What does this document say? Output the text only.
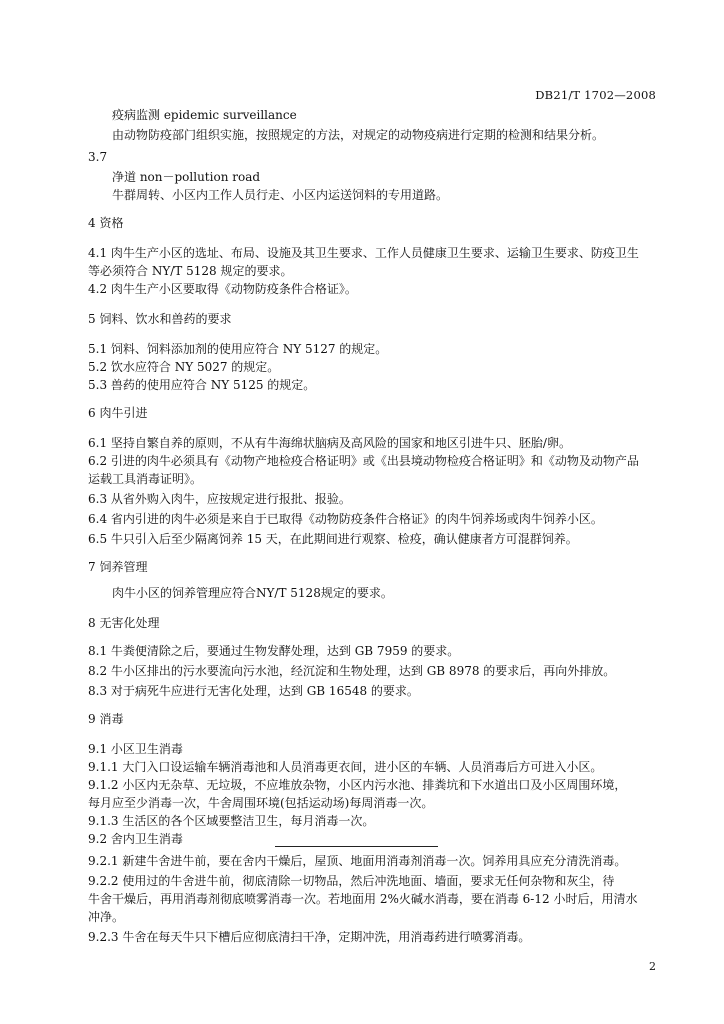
DB21/T 1702—2008
疫病监测 epidemic surveillance
由动物防疫部门组织实施，按照规定的方法，对规定的动物疫病进行定期的检测和结果分析。
3.7
净道 non－pollution road
牛群周转、小区内工作人员行走、小区内运送饲料的专用道路。
4 资格
4.1 肉牛生产小区的选址、布局、设施及其卫生要求、工作人员健康卫生要求、运输卫生要求、防疫卫生
等必须符合 NY/T 5128 规定的要求。
4.2 肉牛生产小区要取得《动物防疫条件合格证》。
5 饲料、饮水和兽药的要求
5.1 饲料、饲料添加剂的使用应符合 NY 5127 的规定。
5.2 饮水应符合 NY 5027 的规定。
5.3 兽药的使用应符合 NY 5125 的规定。
6 肉牛引进
6.1 坚持自繁自养的原则，不从有牛海绵状脑病及高风险的国家和地区引进牛只、胚胎/卵。
6.2 引进的肉牛必须具有《动物产地检疫合格证明》或《出县境动物检疫合格证明》和《动物及动物产品
运载工具消毒证明》。
6.3 从省外购入肉牛，应按规定进行报批、报验。
6.4 省内引进的肉牛必须是来自于已取得《动物防疫条件合格证》的肉牛饲养场或肉牛饲养小区。
6.5 牛只引入后至少隔离饲养 15 天，在此期间进行观察、检疫，确认健康者方可混群饲养。
7 饲养管理
肉牛小区的饲养管理应符合NY/T 5128规定的要求。
8 无害化处理
8.1 牛粪便清除之后，要通过生物发酵处理，达到 GB 7959 的要求。
8.2 牛小区排出的污水要流向污水池，经沉淀和生物处理，达到 GB 8978 的要求后，再向外排放。
8.3 对于病死牛应进行无害化处理，达到 GB 16548 的要求。
9 消毒
9.1 小区卫生消毒
9.1.1 大门入口设运输车辆消毒池和人员消毒更衣间，进小区的车辆、人员消毒后方可进入小区。
9.1.2 小区内无杂草、无垃圾，不应堆放杂物，小区内污水池、排粪坑和下水道出口及小区周围环境，
每月应至少消毒一次，牛舍周围环境(包括运动场)每周消毒一次。
9.1.3 生活区的各个区域要整洁卫生，每月消毒一次。
9.2 舍内卫生消毒
9.2.1 新建牛舍进牛前，要在舍内干燥后，屋顶、地面用消毒剂消毒一次。饲养用具应充分清洗消毒。
9.2.2 使用过的牛舍进牛前，彻底清除一切物品，然后冲洗地面、墙面，要求无任何杂物和灰尘，待
牛舍干燥后，再用消毒剂彻底喷雾消毒一次。若地面用 2%火碱水消毒，要在消毒 6-12 小时后，用清水
冲净。
9.2.3 牛舍在每天牛只下槽后应彻底清扫干净，定期冲洗，用消毒药进行喷雾消毒。
2
